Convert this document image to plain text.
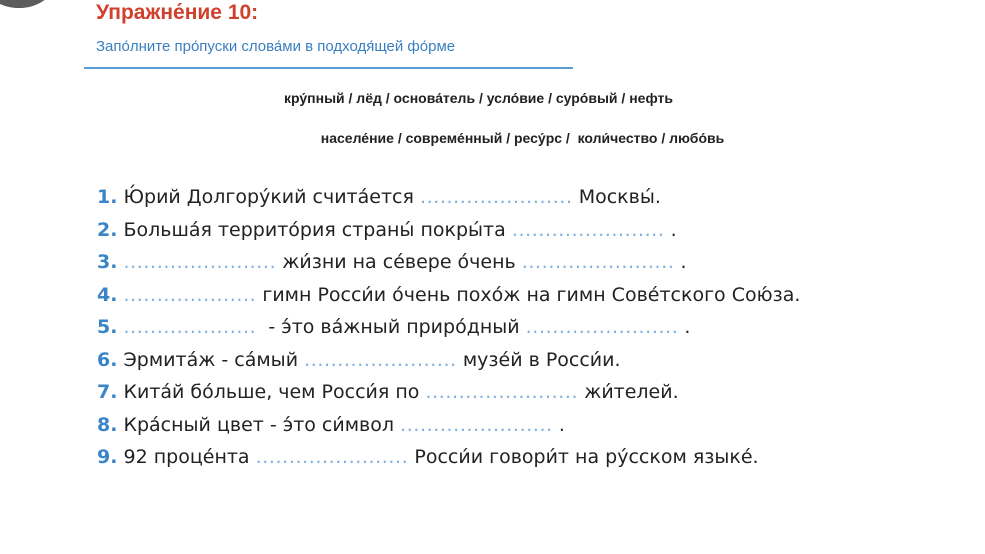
Упражне́ние 10:
Запо́лните про́пуски слова́ми в подходя́щей фо́рме
кру́пный / лёд / основа́тель / усло́вие / суро́вый / нефть
населе́ние / совреме́нный / ресу́рс /  коли́чество / любо́вь
1. Ю́рий Долгору́кий счита́ется ....................... Москвы́.
2. Больша́я террито́рия страны́ покры́та ....................... .
3. ....................... жи́зни на се́вере о́чень ....................... .
4. .................... гимн Росси́и о́чень похо́ж на гимн Сове́тского Сою́за.
5. ....................  - э́то ва́жный приро́дный ....................... .
6. Эрмита́ж - са́мый ....................... музе́й в Росси́и.
7. Кита́й бо́льше, чем Росси́я по ....................... жи́телей.
8. Кра́сный цвет - э́то си́мвол ....................... .
9. 92 проце́нта ....................... Росси́и говори́т на ру́сском языке́.
